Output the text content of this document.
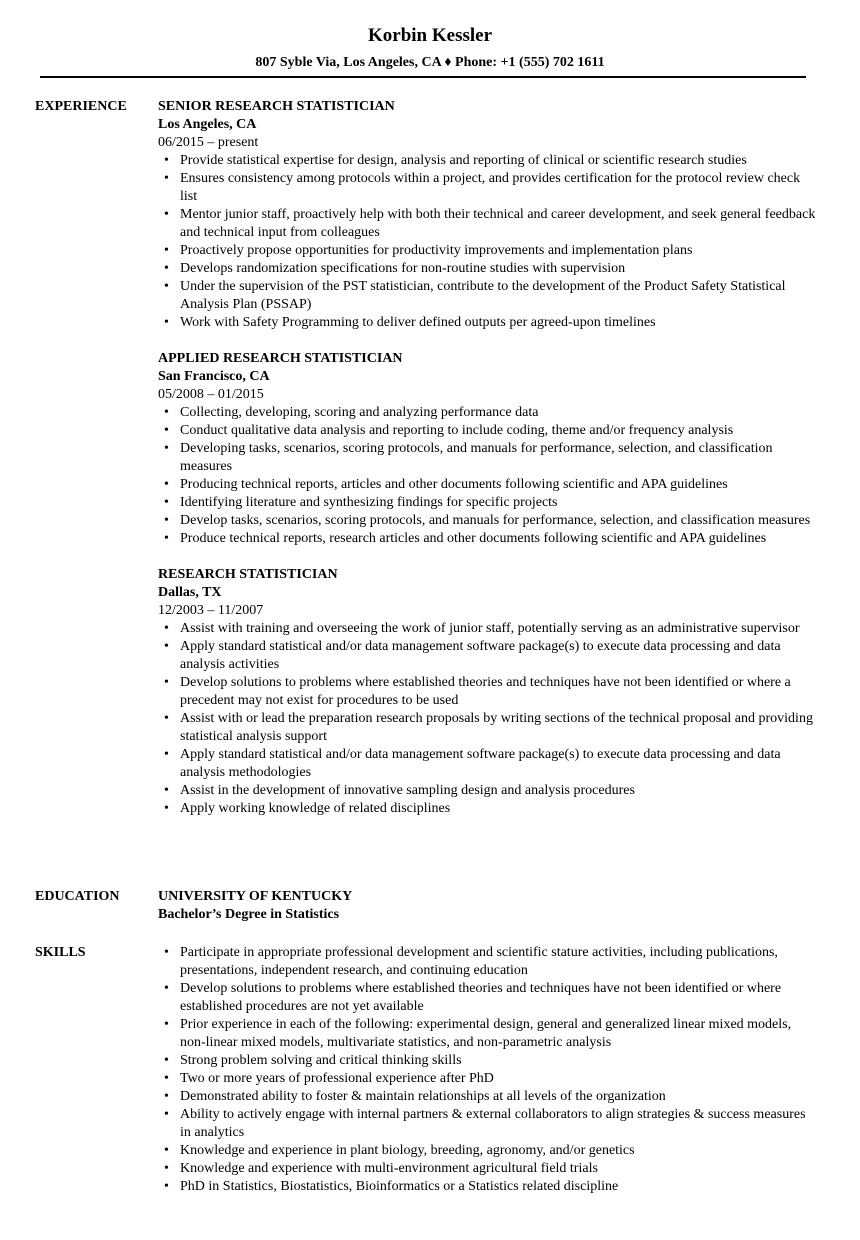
Korbin Kessler
807 Syble Via, Los Angeles, CA ♦ Phone: +1 (555) 702 1611
EXPERIENCE SENIOR RESEARCH STATISTICIAN
Los Angeles, CA
06/2015 – present
• Provide statistical expertise for design, analysis and reporting of clinical or scientific research studies
• Ensures consistency among protocols within a project, and provides certification for the protocol review check list
• Mentor junior staff, proactively help with both their technical and career development, and seek general feedback and technical input from colleagues
• Proactively propose opportunities for productivity improvements and implementation plans
• Develops randomization specifications for non-routine studies with supervision
• Under the supervision of the PST statistician, contribute to the development of the Product Safety Statistical Analysis Plan (PSSAP)
• Work with Safety Programming to deliver defined outputs per agreed-upon timelines
APPLIED RESEARCH STATISTICIAN
San Francisco, CA
05/2008 – 01/2015
• Collecting, developing, scoring and analyzing performance data
• Conduct qualitative data analysis and reporting to include coding, theme and/or frequency analysis
• Developing tasks, scenarios, scoring protocols, and manuals for performance, selection, and classification measures
• Producing technical reports, articles and other documents following scientific and APA guidelines
• Identifying literature and synthesizing findings for specific projects
• Develop tasks, scenarios, scoring protocols, and manuals for performance, selection, and classification measures
• Produce technical reports, research articles and other documents following scientific and APA guidelines
RESEARCH STATISTICIAN
Dallas, TX
12/2003 – 11/2007
• Assist with training and overseeing the work of junior staff, potentially serving as an administrative supervisor
• Apply standard statistical and/or data management software package(s) to execute data processing and data analysis activities
• Develop solutions to problems where established theories and techniques have not been identified or where a precedent may not exist for procedures to be used
• Assist with or lead the preparation research proposals by writing sections of the technical proposal and providing statistical analysis support
• Apply standard statistical and/or data management software package(s) to execute data processing and data analysis methodologies
• Assist in the development of innovative sampling design and analysis procedures
• Apply working knowledge of related disciplines
EDUCATION	UNIVERSITY OF KENTUCKY
Bachelor’s Degree in Statistics
SKILLS
•	Participate in appropriate professional development and scientific stature activities, including publications, presentations, independent research, and continuing education
• Develop solutions to problems where established theories and techniques have not been identified or where established procedures are not yet available
• Prior experience in each of the following: experimental design, general and generalized linear mixed models, non-linear mixed models, multivariate statistics, and non-parametric analysis
• Strong problem solving and critical thinking skills
• Two or more years of professional experience after PhD
• Demonstrated ability to foster & maintain relationships at all levels of the organization
• Ability to actively engage with internal partners & external collaborators to align strategies & success measures in analytics
• Knowledge and experience in plant biology, breeding, agronomy, and/or genetics
• Knowledge and experience with multi-environment agricultural field trials
• PhD in Statistics, Biostatistics, Bioinformatics or a Statistics related discipline
